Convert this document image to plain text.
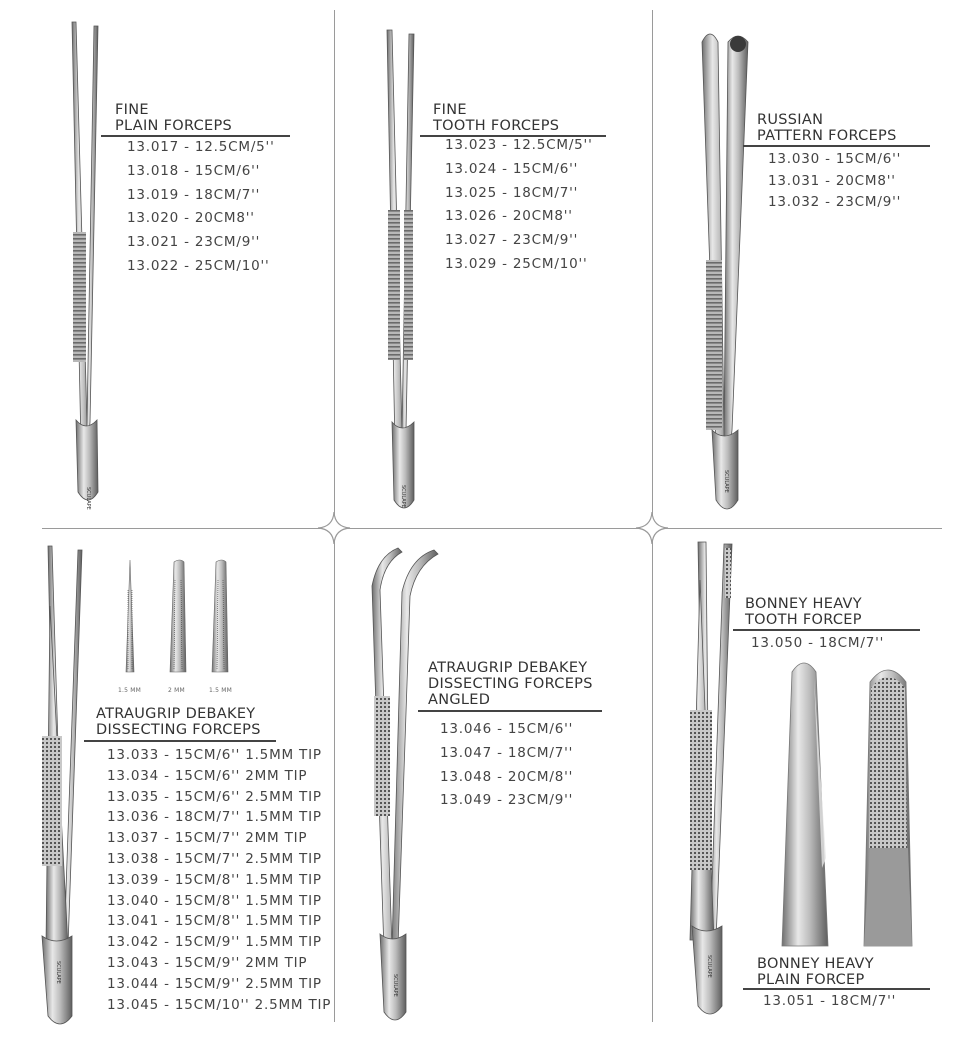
SCULAPE
FINE
PLAIN FORCEPS
13.017 - 12.5CM/5''
13.018 - 15CM/6''
13.019 - 18CM/7''
13.020 - 20CM8''
13.021 - 23CM/9''
13.022 - 25CM/10''
SCULAPE
FINE
TOOTH FORCEPS
13.023 - 12.5CM/5''
13.024 - 15CM/6''
13.025 - 18CM/7''
13.026 - 20CM8''
13.027 - 23CM/9''
13.029 - 25CM/10''
SCULAPE
RUSSIAN
PATTERN FORCEPS
13.030 - 15CM/6''
13.031 - 20CM8''
13.032 - 23CM/9''
SCULAPE
1.5 MM	2 MM	1.5 MM
ATRAUGRIP DEBAKEY
DISSECTING FORCEPS
13.033 - 15CM/6'' 1.5MM TIP
13.034 - 15CM/6'' 2MM TIP
13.035 - 15CM/6'' 2.5MM TIP
13.036 - 18CM/7'' 1.5MM TIP
13.037 - 15CM/7'' 2MM TIP
13.038 - 15CM/7'' 2.5MM TIP
13.039 - 15CM/8'' 1.5MM TIP
13.040 - 15CM/8'' 1.5MM TIP
13.041 - 15CM/8'' 1.5MM TIP
13.042 - 15CM/9'' 1.5MM TIP
13.043 - 15CM/9'' 2MM TIP
13.044 - 15CM/9'' 2.5MM TIP
13.045 - 15CM/10'' 2.5MM TIP
SCULAPE
ATRAUGRIP DEBAKEY
DISSECTING FORCEPS
ANGLED
13.046 - 15CM/6''
13.047 - 18CM/7''
13.048 - 20CM/8''
13.049 - 23CM/9''
SCULAPE
BONNEY HEAVY
TOOTH FORCEP
13.050 - 18CM/7''
BONNEY HEAVY
PLAIN FORCEP
13.051 - 18CM/7''
